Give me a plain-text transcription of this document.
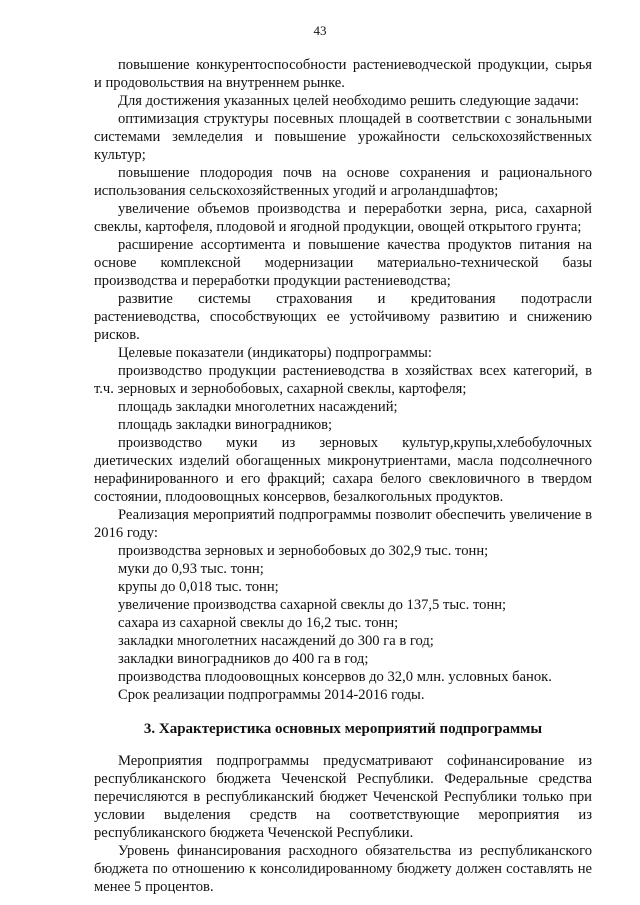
43

повышение конкурентоспособности растениеводческой продукции, сырья и продовольствия на внутреннем рынке.

Для достижения указанных целей необходимо решить следующие задачи:

оптимизация структуры посевных площадей в соответствии с зональными системами земледелия и повышение урожайности сельскохозяйственных культур;

повышение плодородия почв на основе сохранения и рационального использования сельскохозяйственных угодий и агроландшафтов;

увеличение объемов производства и переработки зерна, риса, сахарной свеклы, картофеля, плодовой и ягодной продукции, овощей открытого грунта;

расширение ассортимента и повышение качества продуктов питания на основе комплексной модернизации материально-технической базы производства и переработки продукции растениеводства;

развитие системы страхования и кредитования подотрасли растениеводства, способствующих ее устойчивому развитию и снижению рисков.

Целевые показатели (индикаторы) подпрограммы:

производство продукции растениеводства в хозяйствах всех категорий, в т.ч. зерновых и зернобобовых, сахарной свеклы, картофеля;

площадь закладки многолетних насаждений;

площадь закладки виноградников;

производство муки из зерновых культур,крупы,хлебобулочных диетических изделий обогащенных микронутриентами, масла подсолнечного нерафинированного и его фракций; сахара белого свекловичного в твердом состоянии, плодоовощных консервов, безалкогольных продуктов.

Реализация мероприятий подпрограммы позволит обеспечить увеличение в 2016 году:

производства зерновых и зернобобовых до 302,9 тыс. тонн;

муки до 0,93 тыс. тонн;

крупы до 0,018 тыс. тонн;

увеличение производства сахарной свеклы до 137,5 тыс. тонн;

сахара из сахарной свеклы до 16,2 тыс. тонн;

закладки многолетних насаждений до 300 га в год;

закладки виноградников до 400 га в год;

производства плодоовощных консервов до 32,0 млн. условных банок.

Срок реализации подпрограммы 2014-2016 годы.

3. Характеристика основных мероприятий подпрограммы

Мероприятия подпрограммы предусматривают софинансирование из республиканского бюджета Чеченской Республики. Федеральные средства перечисляются в республиканский бюджет Чеченской Республики только при условии выделения средств на соответствующие мероприятия из республиканского бюджета Чеченской Республики.

Уровень финансирования расходного обязательства из республиканского бюджета по отношению к консолидированному бюджету должен составлять не менее 5 процентов.
